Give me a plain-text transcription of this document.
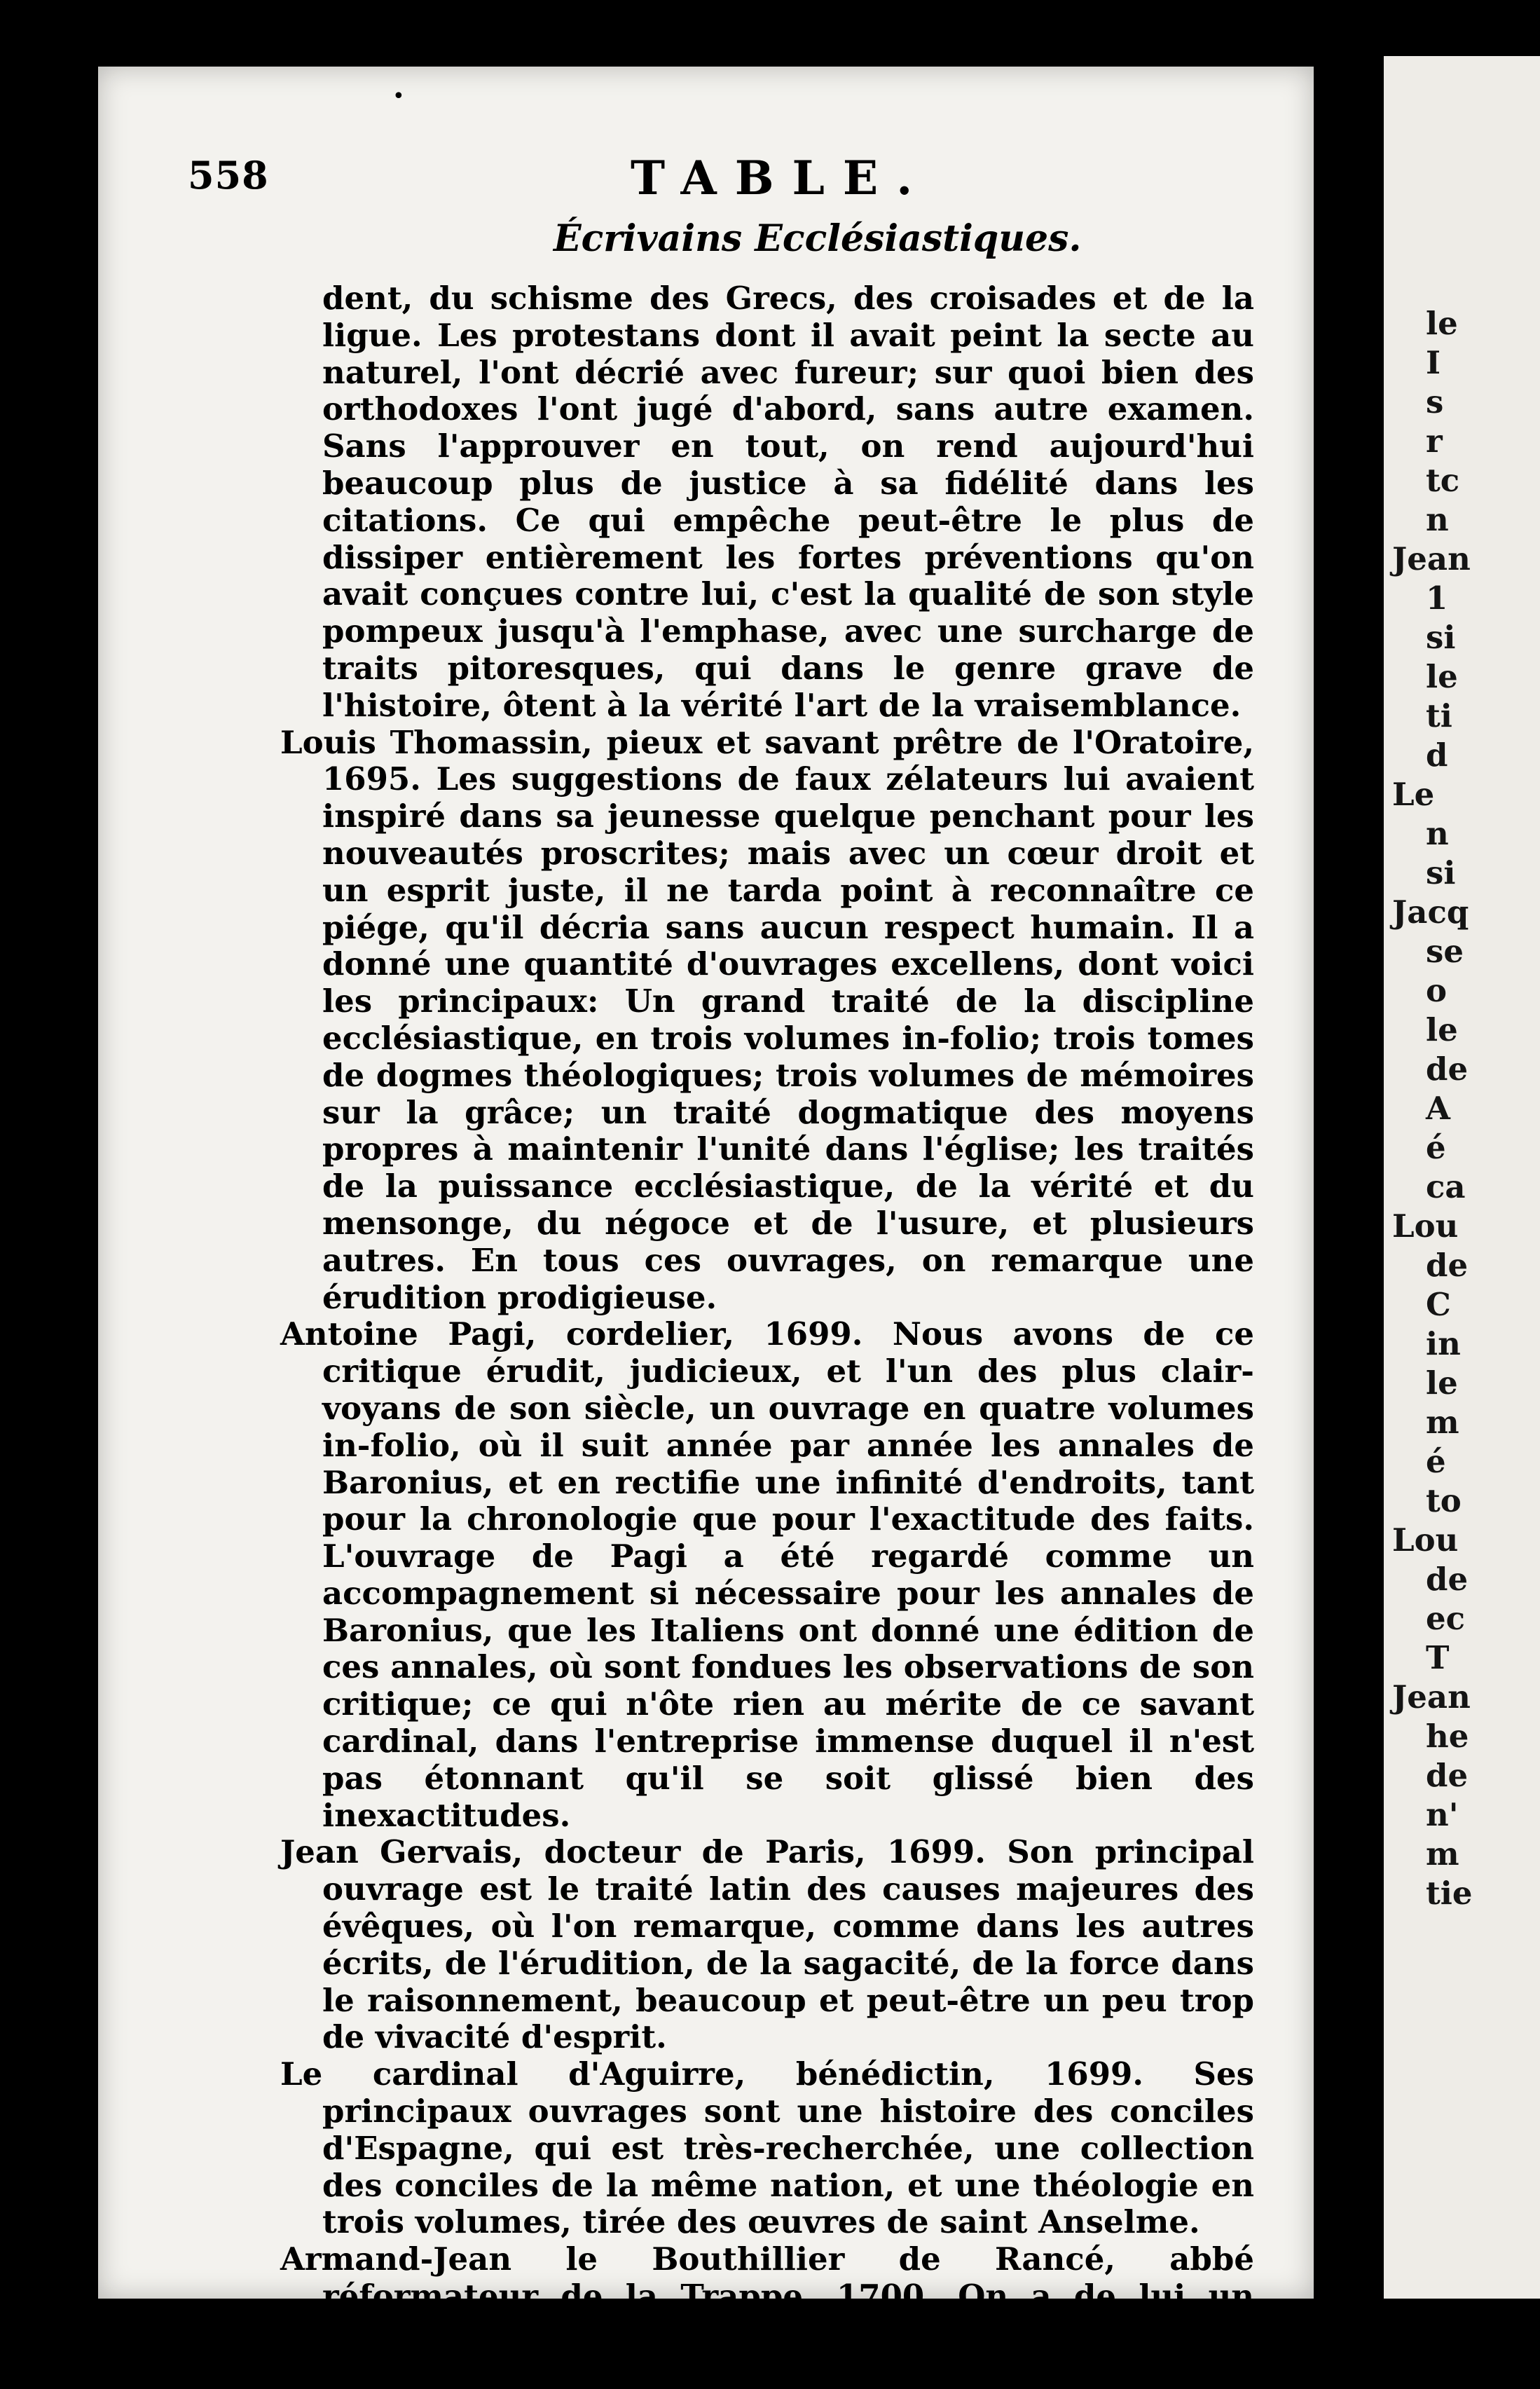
•
558	TABLE.
Écrivains Ecclésiastiques.

dent, du schisme des Grecs, des croisades et de la ligue. Les protestans dont il avait peint la secte au naturel, l'ont décrié avec fureur; sur quoi bien des orthodoxes l'ont jugé d'abord, sans autre examen. Sans l'approuver en tout, on rend aujourd'hui beaucoup plus de justice à sa fidélité dans les citations. Ce qui empêche peut-être le plus de dissiper entièrement les fortes préventions qu'on avait conçues contre lui, c'est la qualité de son style pompeux jusqu'à l'emphase, avec une surcharge de traits pitoresques, qui dans le genre grave de l'histoire, ôtent à la vérité l'art de la vraisemblance.

Louis Thomassin, pieux et savant prêtre de l'Oratoire, 1695. Les suggestions de faux zélateurs lui avaient inspiré dans sa jeunesse quelque penchant pour les nouveautés proscrites; mais avec un cœur droit et un esprit juste, il ne tarda point à reconnaître ce piége, qu'il décria sans aucun respect humain. Il a donné une quantité d'ouvrages excellens, dont voici les principaux: Un grand traité de la discipline ecclésiastique, en trois volumes in-folio; trois tomes de dogmes théologiques; trois volumes de mémoires sur la grâce; un traité dogmatique des moyens propres à maintenir l'unité dans l'église; les traités de la puissance ecclésiastique, de la vérité et du mensonge, du négoce et de l'usure, et plusieurs autres. En tous ces ouvrages, on remarque une érudition prodigieuse.

Antoine Pagi, cordelier, 1699. Nous avons de ce critique érudit, judicieux, et l'un des plus clair-voyans de son siècle, un ouvrage en quatre volumes in-folio, où il suit année par année les annales de Baronius, et en rectifie une infinité d'endroits, tant pour la chronologie que pour l'exactitude des faits. L'ouvrage de Pagi a été regardé comme un accompagnement si nécessaire pour les annales de Baronius, que les Italiens ont donné une édition de ces annales, où sont fondues les observations de son critique; ce qui n'ôte rien au mérite de ce savant cardinal, dans l'entreprise immense duquel il n'est pas étonnant qu'il se soit glissé bien des inexactitudes.

Jean Gervais, docteur de Paris, 1699. Son principal ouvrage est le traité latin des causes majeures des évêques, où l'on remarque, comme dans les autres écrits, de l'érudition, de la sagacité, de la force dans le raisonnement, beaucoup et peut-être un peu trop de vivacité d'esprit.

Le cardinal d'Aguirre, bénédictin, 1699. Ses principaux ouvrages sont une histoire des conciles d'Espagne, qui est très-recherchée, une collection des conciles de la même nation, et une théologie en trois volumes, tirée des œuvres de saint Anselme.

Armand-Jean le Bouthillier de Rancé, abbé réformateur de la Trappe, 1700. On a de lui un grand nombre d'ouvrages de piété. Les plus remarquables sont des Réflexions morales sur

le
I
s
r
tc
n
Jean
1
si
le
ti
d
Le
n
si
Jacq
se
o
le
de
A
é
ca
Lou
de
C
in
le
m
é
to
Lou
de
ec
T
Jean
he
de
n'
m
tie
